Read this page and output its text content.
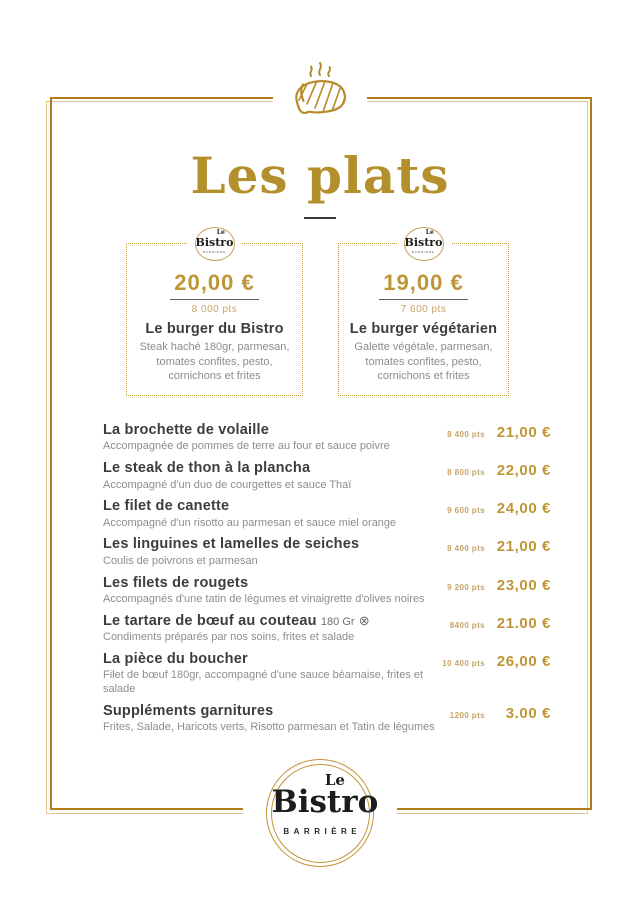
Les plats
Le
Bistro
BARRIÈRE
20,00 €
8 000 pts
Le burger du Bistro
Steak haché 180gr, parmesan, tomates confites, pesto, cornichons et frites
Le
Bistro
BARRIÈRE
19,00 €
7 600 pts
Le burger végétarien
Galette végétale, parmesan, tomates confites, pesto, cornichons et frites
La brochette de volaille
Accompagnée de pommes de terre au four et sauce poivre
8 400 pts 21,00 €
Le steak de thon à la plancha
Accompagné d'un duo de courgettes et sauce Thaï
8 800 pts 22,00 €
Le filet de canette
Accompagné d'un risotto au parmesan et sauce miel orange
9 600 pts 24,00 €
Les linguines et lamelles de seiches
Coulis de poivrons et parmesan
8 400 pts 21,00 €
Les filets de rougets
Accompagnés d'une tatin de légumes et vinaigrette d'olives noires
9 200 pts 23,00 €
Le tartare de bœuf au couteau 180 Gr ⊗
Condiments préparés par nos soins, frites et salade
8400 pts 21.00 €
La pièce du boucher
Filet de bœuf 180gr, accompagné d'une sauce béarnaise, frites et salade
10 400 pts 26,00 €
Suppléments garnitures
Frites, Salade, Haricots verts, Risotto parmesan et Tatin de légumes
1200 pts	3.00 €
Le
Bistro
BARRIÈRE
